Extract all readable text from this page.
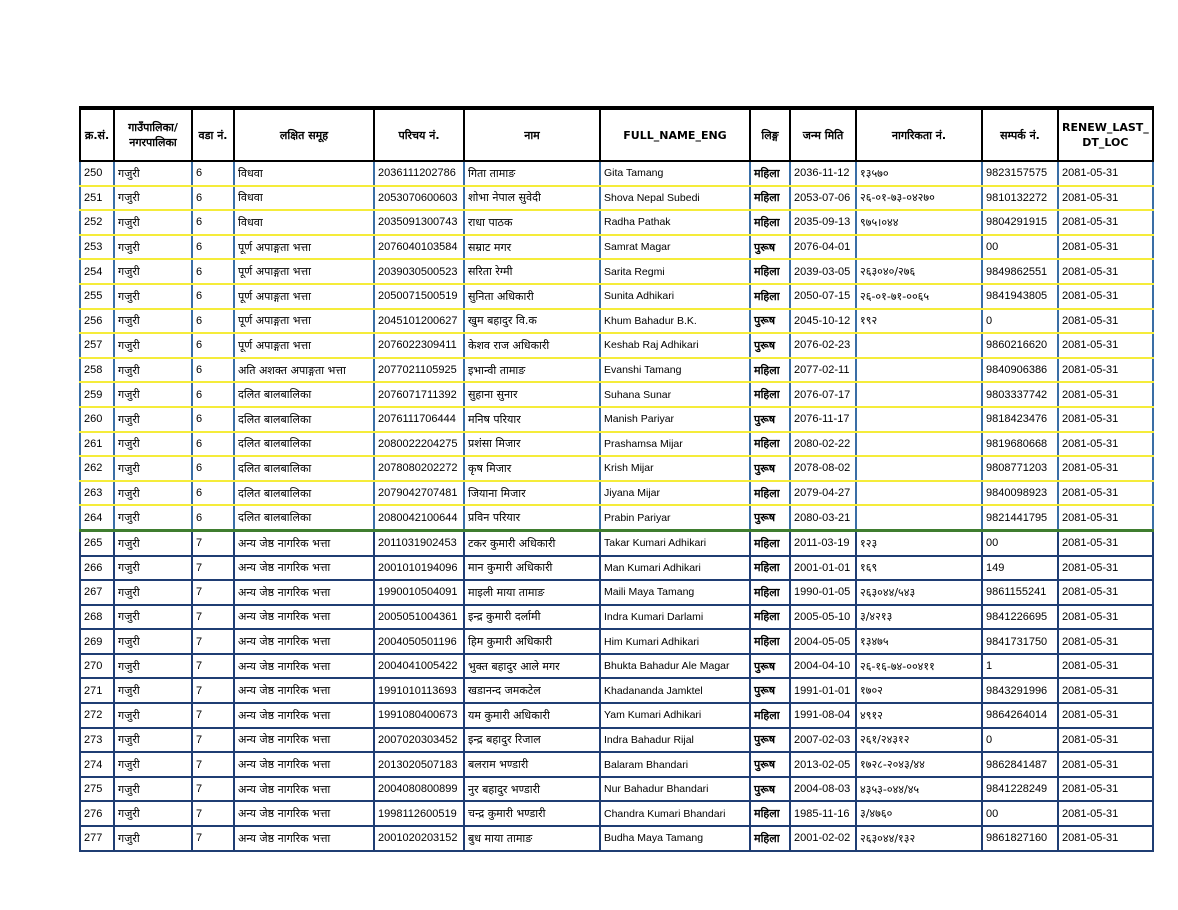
क्र.सं.	गाउँपालिका/ नगरपालिका	वडा नं.	लक्षित समूह	परिचय नं.	नाम	FULL_NAME_ENG	लिङ्ग	जन्म मिति	नागरिकता नं.	सम्पर्क नं.	RENEW_LAST_ DT_LOC
250	गजुरी	6	विधवा	2036111202786	गिता तामाङ	Gita Tamang	महिला	2036-11-12	१३५७०	9823157575	2081-05-31
251	गजुरी	6	विधवा	2053070600603	शोभा नेपाल सुवेदी	Shova Nepal Subedi	महिला	2053-07-06	२६-०१-७३-०४२७०	9810132272	2081-05-31
252	गजुरी	6	विधवा	2035091300743	राधा पाठक	Radha Pathak	महिला	2035-09-13	९७५।०४४	9804291915	2081-05-31
253	गजुरी	6	पूर्ण अपाङ्गता भत्ता	2076040103584	सम्राट मगर	Samrat Magar	पुरूष	2076-04-01		00	2081-05-31
254	गजुरी	6	पूर्ण अपाङ्गता भत्ता	2039030500523	सरिता रेग्मी	Sarita Regmi	महिला	2039-03-05	२६३०४०/२७६	9849862551	2081-05-31
255	गजुरी	6	पूर्ण अपाङ्गता भत्ता	2050071500519	सुनिता अधिकारी	Sunita Adhikari	महिला	2050-07-15	२६-०१-७१-००६५	9841943805	2081-05-31
256	गजुरी	6	पूर्ण अपाङ्गता भत्ता	2045101200627	खुम बहादुर वि.क	Khum Bahadur B.K.	पुरूष	2045-10-12	१९२	0	2081-05-31
257	गजुरी	6	पूर्ण अपाङ्गता भत्ता	2076022309411	केशव राज अधिकारी	Keshab Raj Adhikari	पुरूष	2076-02-23		9860216620	2081-05-31
258	गजुरी	6	अति अशक्त अपाङ्गता भत्ता	2077021105925	इभान्वी तामाङ	Evanshi Tamang	महिला	2077-02-11		9840906386	2081-05-31
259	गजुरी	6	दलित बालबालिका	2076071711392	सुहाना सुनार	Suhana Sunar	महिला	2076-07-17		9803337742	2081-05-31
260	गजुरी	6	दलित बालबालिका	2076111706444	मनिष परियार	Manish Pariyar	पुरूष	2076-11-17		9818423476	2081-05-31
261	गजुरी	6	दलित बालबालिका	2080022204275	प्रशंसा मिजार	Prashamsa Mijar	महिला	2080-02-22		9819680668	2081-05-31
262	गजुरी	6	दलित बालबालिका	2078080202272	कृष मिजार	Krish Mijar	पुरूष	2078-08-02		9808771203	2081-05-31
263	गजुरी	6	दलित बालबालिका	2079042707481	जियाना मिजार	Jiyana Mijar	महिला	2079-04-27		9840098923	2081-05-31
264	गजुरी	6	दलित बालबालिका	2080042100644	प्रविन परियार	Prabin Pariyar	पुरूष	2080-03-21		9821441795	2081-05-31
265	गजुरी	7	अन्य जेष्ठ नागरिक भत्ता	2011031902453	टकर कुमारी अधिकारी	Takar Kumari Adhikari	महिला	2011-03-19	१२३	00	2081-05-31
266	गजुरी	7	अन्य जेष्ठ नागरिक भत्ता	2001010194096	मान कुमारी अधिकारी	Man Kumari Adhikari	महिला	2001-01-01	१६९	149	2081-05-31
267	गजुरी	7	अन्य जेष्ठ नागरिक भत्ता	1990010504091	माइली माया तामाङ	Maili Maya Tamang	महिला	1990-01-05	२६३०४४/५४३	9861155241	2081-05-31
268	गजुरी	7	अन्य जेष्ठ नागरिक भत्ता	2005051004361	इन्द्र कुमारी दर्लामी	Indra Kumari Darlami	महिला	2005-05-10	३/४२१३	9841226695	2081-05-31
269	गजुरी	7	अन्य जेष्ठ नागरिक भत्ता	2004050501196	हिम कुमारी अधिकारी	Him Kumari Adhikari	महिला	2004-05-05	१३४७५	9841731750	2081-05-31
270	गजुरी	7	अन्य जेष्ठ नागरिक भत्ता	2004041005422	भुक्त बहादुर आले मगर	Bhukta Bahadur Ale Magar	पुरूष	2004-04-10	२६-१६-७४-००४११	1	2081-05-31
271	गजुरी	7	अन्य जेष्ठ नागरिक भत्ता	1991010113693	खडानन्द जमकटेल	Khadananda Jamktel	पुरूष	1991-01-01	१७०२	9843291996	2081-05-31
272	गजुरी	7	अन्य जेष्ठ नागरिक भत्ता	1991080400673	यम कुमारी अधिकारी	Yam Kumari Adhikari	महिला	1991-08-04	४९१२	9864264014	2081-05-31
273	गजुरी	7	अन्य जेष्ठ नागरिक भत्ता	2007020303452	इन्द्र बहादुर रिजाल	Indra Bahadur Rijal	पुरूष	2007-02-03	२६१/२४३१२	0	2081-05-31
274	गजुरी	7	अन्य जेष्ठ नागरिक भत्ता	2013020507183	बलराम भण्डारी	Balaram Bhandari	पुरूष	2013-02-05	१७२८-२०४३/४४	9862841487	2081-05-31
275	गजुरी	7	अन्य जेष्ठ नागरिक भत्ता	2004080800899	नुर बहादुर भण्डारी	Nur Bahadur Bhandari	पुरूष	2004-08-03	४३५३-०४४/४५	9841228249	2081-05-31
276	गजुरी	7	अन्य जेष्ठ नागरिक भत्ता	1998112600519	चन्द्र कुमारी भण्डारी	Chandra Kumari Bhandari	महिला	1985-11-16	३/४७६०	00	2081-05-31
277	गजुरी	7	अन्य जेष्ठ नागरिक भत्ता	2001020203152	बुध माया तामाङ	Budha Maya Tamang	महिला	2001-02-02	२६३०४४/१३२	9861827160	2081-05-31
